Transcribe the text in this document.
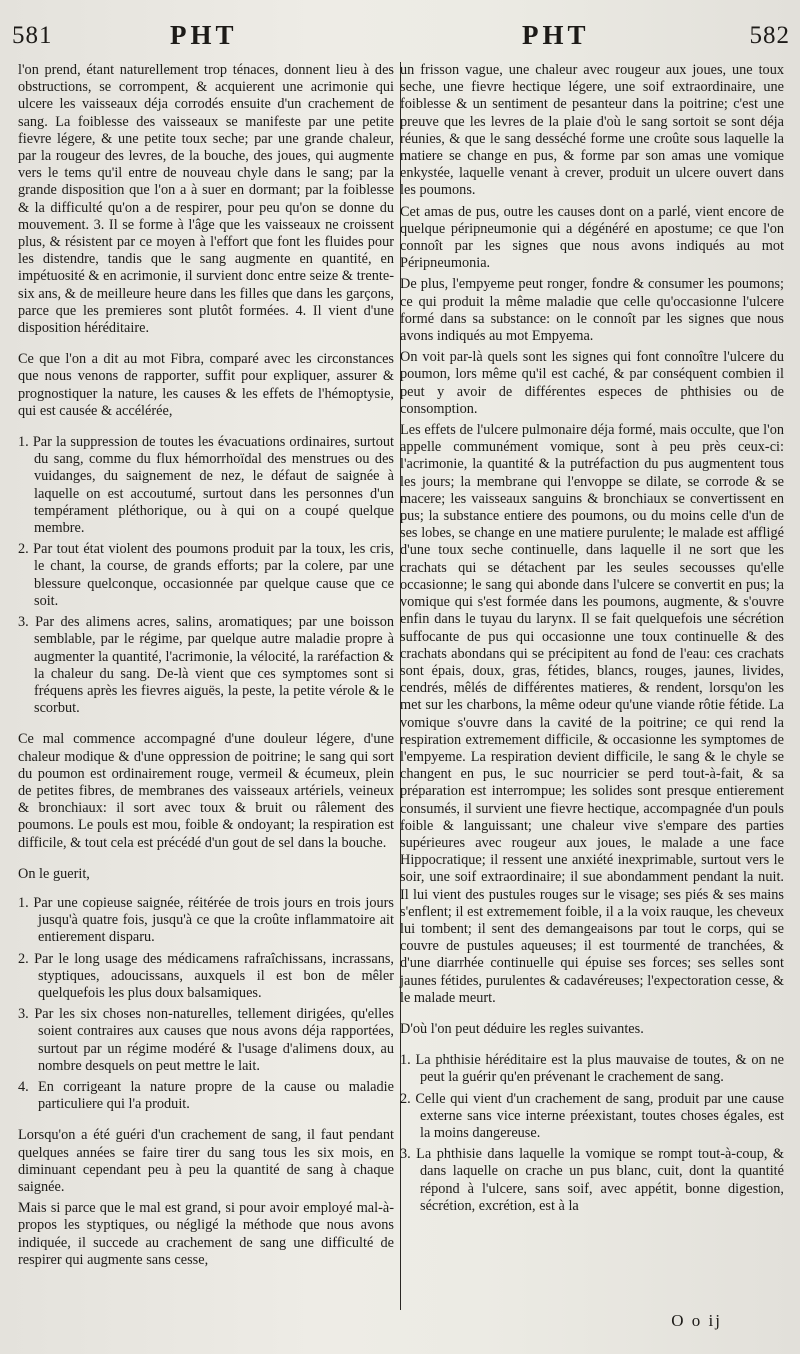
581	PHT	PHT	582

l'on prend, étant naturellement trop ténaces, donnent lieu à des obstructions, se corrompent, & acquierent une acrimonie qui ulcere les vaisseaux déja corrodés ensuite d'un crachement de sang. La foiblesse des vaisseaux se manifeste par une petite fievre légere, & une petite toux seche; par une grande chaleur, par la rougeur des levres, de la bouche, des joues, qui augmente vers le tems qu'il entre de nouveau chyle dans le sang; par la grande disposition que l'on a à suer en dormant; par la foiblesse & la difficulté qu'on a de respirer, pour peu qu'on se donne du mouvement. 3. Il se forme à l'âge que les vaisseaux ne croissent plus, & résistent par ce moyen à l'effort que font les fluides pour les distendre, tandis que le sang augmente en quantité, en impétuosité & en acrimonie, il survient donc entre seize & trente-six ans, & de meilleure heure dans les filles que dans les garçons, parce que les premieres sont plutôt formées. 4. Il vient d'une disposition héréditaire.

Ce que l'on a dit au mot Fibra, comparé avec les circonstances que nous venons de rapporter, suffit pour expliquer, assurer & prognostiquer la nature, les causes & les effets de l'hémoptysie, qui est causée & accélérée,

1. Par la suppression de toutes les évacuations ordinaires, surtout du sang, comme du flux hémorrhoïdal des menstrues ou des vuidanges, du saignement de nez, le défaut de saignée à laquelle on est accoutumé, surtout dans les personnes d'un tempérament pléthorique, ou à qui on a coupé quelque membre.

2. Par tout état violent des poumons produit par la toux, les cris, le chant, la course, de grands efforts; par la colere, par une blessure quelconque, occasionnée par quelque cause que ce soit.

3. Par des alimens acres, salins, aromatiques; par une boisson semblable, par le régime, par quelque autre maladie propre à augmenter la quantité, l'acrimonie, la vélocité, la raréfaction & la chaleur du sang. De-là vient que ces symptomes sont si fréquens après les fievres aiguës, la peste, la petite vérole & le scorbut.

Ce mal commence accompagné d'une douleur légere, d'une chaleur modique & d'une oppression de poitrine; le sang qui sort du poumon est ordinairement rouge, vermeil & écumeux, plein de petites fibres, de membranes des vaisseaux artériels, veineux & bronchiaux: il sort avec toux & bruit ou râlement des poumons. Le pouls est mou, foible & ondoyant; la respiration est difficile, & tout cela est précédé d'un gout de sel dans la bouche.

On le guerit,

1. Par une copieuse saignée, réitérée de trois jours en trois jours jusqu'à quatre fois, jusqu'à ce que la croûte inflammatoire ait entierement disparu.

2. Par le long usage des médicamens rafraîchissans, incrassans, styptiques, adoucissans, auxquels il est bon de mêler quelquefois les plus doux balsamiques.

3. Par les six choses non-naturelles, tellement dirigées, qu'elles soient contraires aux causes que nous avons déja rapportées, surtout par un régime modéré & l'usage d'alimens doux, au nombre desquels on peut mettre le lait.

4. En corrigeant la nature propre de la cause ou maladie particuliere qui l'a produit.

Lorsqu'on a été guéri d'un crachement de sang, il faut pendant quelques années se faire tirer du sang tous les six mois, en diminuant cependant peu à peu la quantité de sang à chaque saignée.

Mais si parce que le mal est grand, si pour avoir employé mal-à-propos les styptiques, ou négligé la méthode que nous avons indiquée, il succede au crachement de sang une difficulté de respirer qui augmente sans cesse,

un frisson vague, une chaleur avec rougeur aux joues, une toux seche, une fievre hectique légere, une soif extraordinaire, une foiblesse & un sentiment de pesanteur dans la poitrine; c'est une preuve que les levres de la plaie d'où le sang sortoit se sont déja réunies, & que le sang desséché forme une croûte sous laquelle la matiere se change en pus, & forme par son amas une vomique enkystée, laquelle venant à crever, produit un ulcere ouvert dans les poumons.

Cet amas de pus, outre les causes dont on a parlé, vient encore de quelque péripneumonie qui a dégénéré en apostume; ce que l'on connoît par les signes que nous avons indiqués au mot Péripneumonia.

De plus, l'empyeme peut ronger, fondre & consumer les poumons; ce qui produit la même maladie que celle qu'occasionne l'ulcere formé dans sa substance: on le connoît par les signes que nous avons indiqués au mot Empyema.

On voit par-là quels sont les signes qui font connoître l'ulcere du poumon, lors même qu'il est caché, & par conséquent combien il peut y avoir de différentes especes de phthisies ou de consomption.

Les effets de l'ulcere pulmonaire déja formé, mais occulte, que l'on appelle communément vomique, sont à peu près ceux-ci: l'acrimonie, la quantité & la putréfaction du pus augmentent tous les jours; la membrane qui l'envoppe se dilate, se corrode & se macere; les vaisseaux sanguins & bronchiaux se convertissent en pus; la substance entiere des poumons, ou du moins celle d'un de ses lobes, se change en une matiere purulente; le malade est affligé d'une toux seche continuelle, dans laquelle il ne sort que les crachats qui se détachent par les seules secousses qu'elle occasionne; le sang qui abonde dans l'ulcere se convertit en pus; la vomique qui s'est formée dans les poumons, augmente, & s'ouvre enfin dans le tuyau du larynx. Il se fait quelquefois une sécrétion suffocante de pus qui occasionne une toux continuelle & des crachats abondans qui se précipitent au fond de l'eau: ces crachats sont épais, doux, gras, fétides, blancs, rouges, jaunes, livides, cendrés, mêlés de différentes matieres, & rendent, lorsqu'on les met sur les charbons, la même odeur qu'une viande rôtie fétide. La vomique s'ouvre dans la cavité de la poitrine; ce qui rend la respiration extremement difficile, & occasionne les symptomes de l'empyeme. La respiration devient difficile, le sang & le chyle se changent en pus, le suc nourricier se perd tout-à-fait, & sa préparation est interrompue; les solides sont presque entierement consumés, il survient une fievre hectique, accompagnée d'un pouls foible & languissant; une chaleur vive s'empare des parties supérieures avec rougeur aux joues, le malade a une face Hippocratique; il ressent une anxiété inexprimable, surtout vers le soir, une soif extraordinaire; il sue abondamment pendant la nuit. Il lui vient des pustules rouges sur le visage; ses piés & ses mains s'enflent; il est extremement foible, il a la voix rauque, les cheveux lui tombent; il sent des demangeaisons par tout le corps, qui se couvre de pustules aqueuses; il est tourmenté de tranchées, & d'une diarrhée continuelle qui épuise ses forces; ses selles sont jaunes fétides, purulentes & cadavéreuses; l'expectoration cesse, & le malade meurt.

D'où l'on peut déduire les regles suivantes.

1. La phthisie héréditaire est la plus mauvaise de toutes, & on ne peut la guérir qu'en prévenant le crachement de sang.

2. Celle qui vient d'un crachement de sang, produit par une cause externe sans vice interne préexistant, toutes choses égales, est la moins dangereuse.

3. La phthisie dans laquelle la vomique se rompt tout-à-coup, & dans laquelle on crache un pus blanc, cuit, dont la quantité répond à l'ulcere, sans soif, avec appétit, bonne digestion, sécrétion, excrétion, est à la

O o ij
